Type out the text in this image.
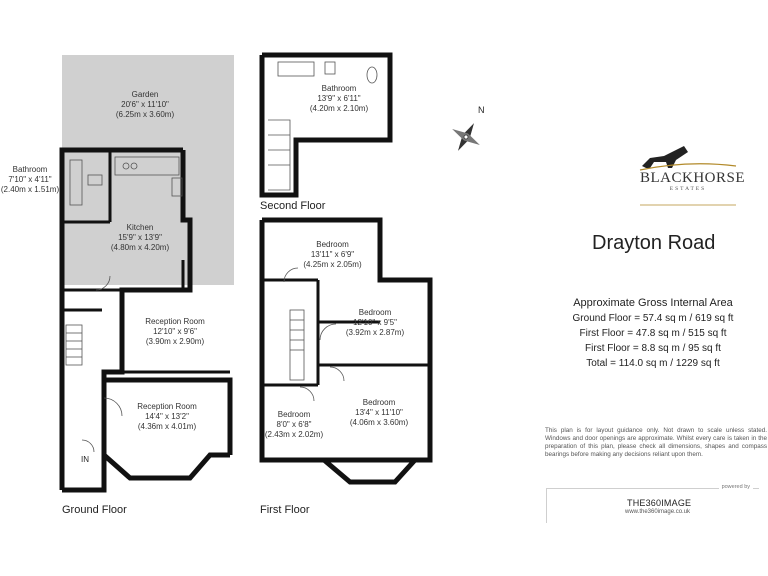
Garden
20'6" x 11'10"
(6.25m x 3.60m)
Bathroom
7'10" x 4'11"
(2.40m x 1.51m)
Kitchen
15'9" x 13'9"
(4.80m x 4.20m)
Reception Room
12'10" x 9'6"
(3.90m x 2.90m)
Reception Room
14'4" x 13'2"
(4.36m x 4.01m)
IN
Bathroom
13'9" x 6'11"
(4.20m x 2.10m)
Bedroom
13'11" x 6'9"
(4.25m x 2.05m)
Bedroom
12'10" x 9'5"
(3.92m x 2.87m)
Bedroom
8'0" x 6'8"
(2.43m x 2.02m)
Bedroom
13'4" x 11'10"
(4.06m x 3.60m)
Ground Floor	First Floor
Second Floor
N
BLACKHORSE
ESTATES
Drayton Road
Approximate Gross Internal Area
Ground Floor = 57.4 sq m / 619 sq ft
First Floor = 47.8 sq m / 515 sq ft
First Floor = 8.8 sq m / 95 sq ft
Total = 114.0 sq m / 1229 sq ft
This plan is for layout guidance only. Not drawn to scale unless stated. Windows and door openings are approximate. Whilst every care is taken in the preparation of this plan, please check all dimensions, shapes and compass bearings before making any decisions reliant upon them.
powered by
THE360IMAGE
www.the360image.co.uk
